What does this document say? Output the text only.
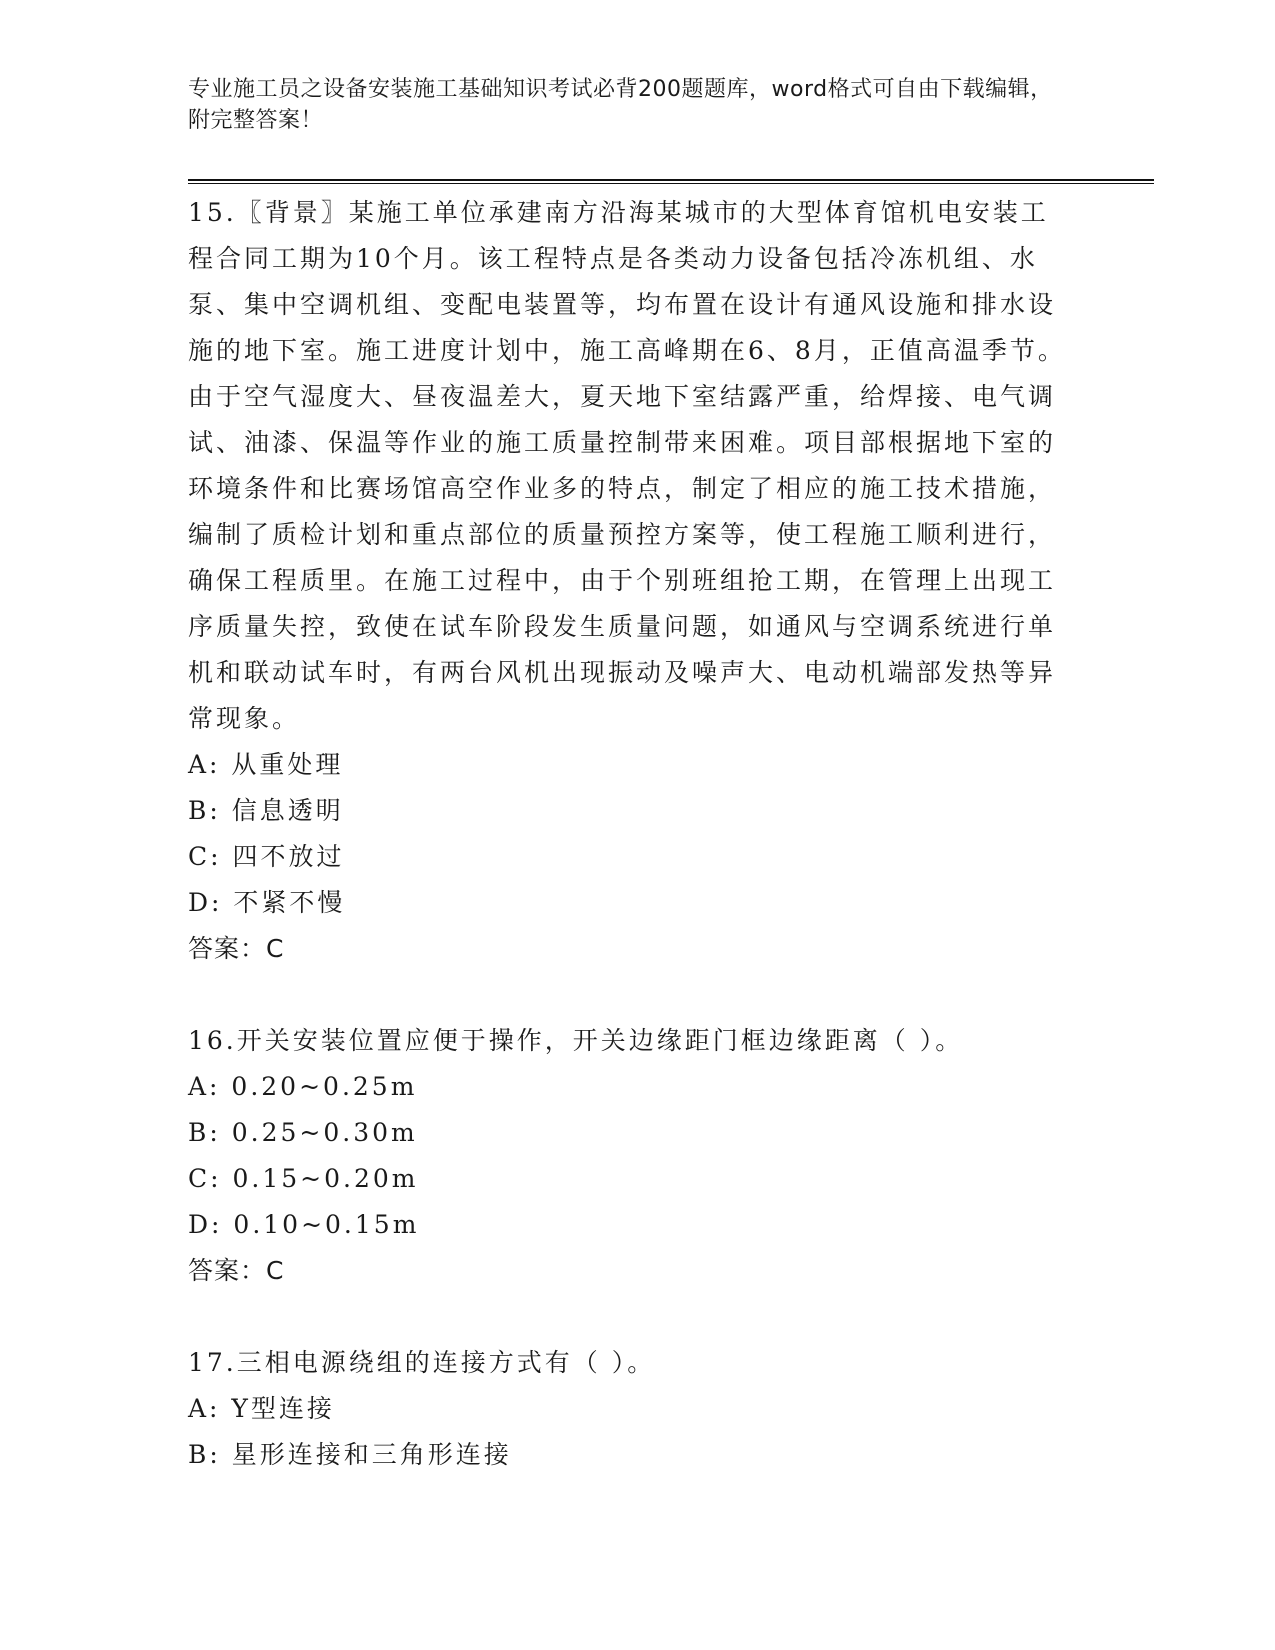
专业施工员之设备安装施工基础知识考试必背200题题库，word格式可自由下载编辑，附完整答案！

15.〖背景〗某施工单位承建南方沿海某城市的大型体育馆机电安装工程合同工期为10个月。该工程特点是各类动力设备包括冷冻机组、水泵、集中空调机组、变配电装置等，均布置在设计有通风设施和排水设施的地下室。施工进度计划中，施工高峰期在6、8月，正值高温季节。由于空气湿度大、昼夜温差大，夏天地下室结露严重，给焊接、电气调试、油漆、保温等作业的施工质量控制带来困难。项目部根据地下室的环境条件和比赛场馆高空作业多的特点，制定了相应的施工技术措施，编制了质检计划和重点部位的质量预控方案等，使工程施工顺利进行，确保工程质里。在施工过程中，由于个别班组抢工期，在管理上出现工序质量失控，致使在试车阶段发生质量问题，如通风与空调系统进行单机和联动试车时，有两台风机出现振动及噪声大、电动机端部发热等异常现象。

A: 从重处理
B: 信息透明
C: 四不放过
D: 不紧不慢
答案：C

16.开关安装位置应便于操作，开关边缘距门框边缘距离（ ）。

A: 0.20~0.25m
B: 0.25~0.30m
C: 0.15~0.20m
D: 0.10~0.15m
答案：C

17.三相电源绕组的连接方式有（ ）。

A: Y型连接
B: 星形连接和三角形连接
